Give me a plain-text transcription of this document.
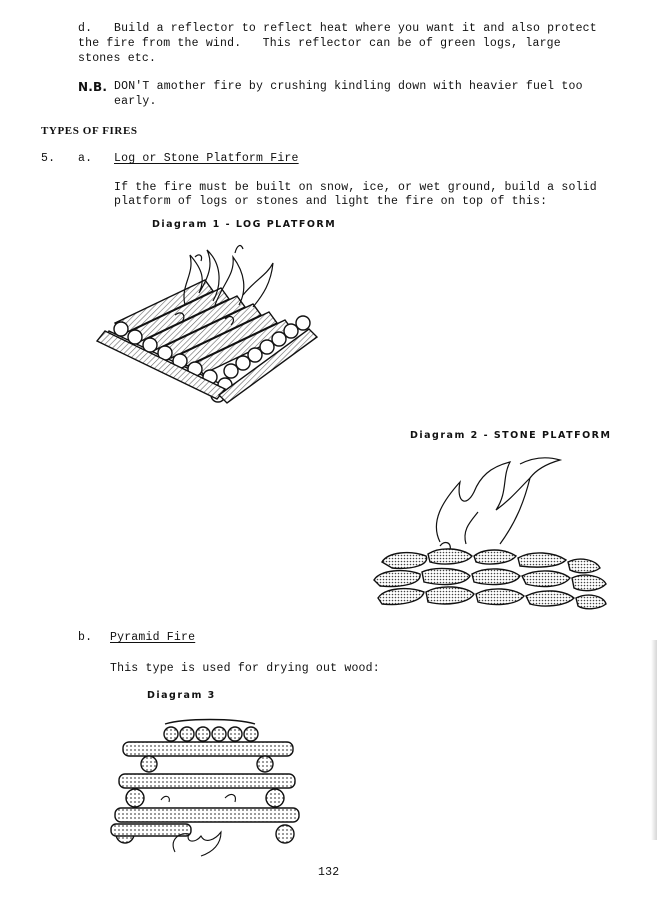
d. Build a reflector to reflect heat where you want it and also protect
the fire from the wind.   This reflector can be of green logs, large
stones etc.
N.B. DON'T amother fire by crushing kindling down with heavier fuel too
early.
TYPES OF FIRES
5. a. Log or Stone Platform Fire
If the fire must be built on snow, ice, or wet ground, build a solid
platform of logs or stones and light the fire on top of this:
Diagram 1 - LOG PLATFORM
Diagram 2 - STONE PLATFORM
b. Pyramid Fire
This type is used for drying out wood:
Diagram 3
132
